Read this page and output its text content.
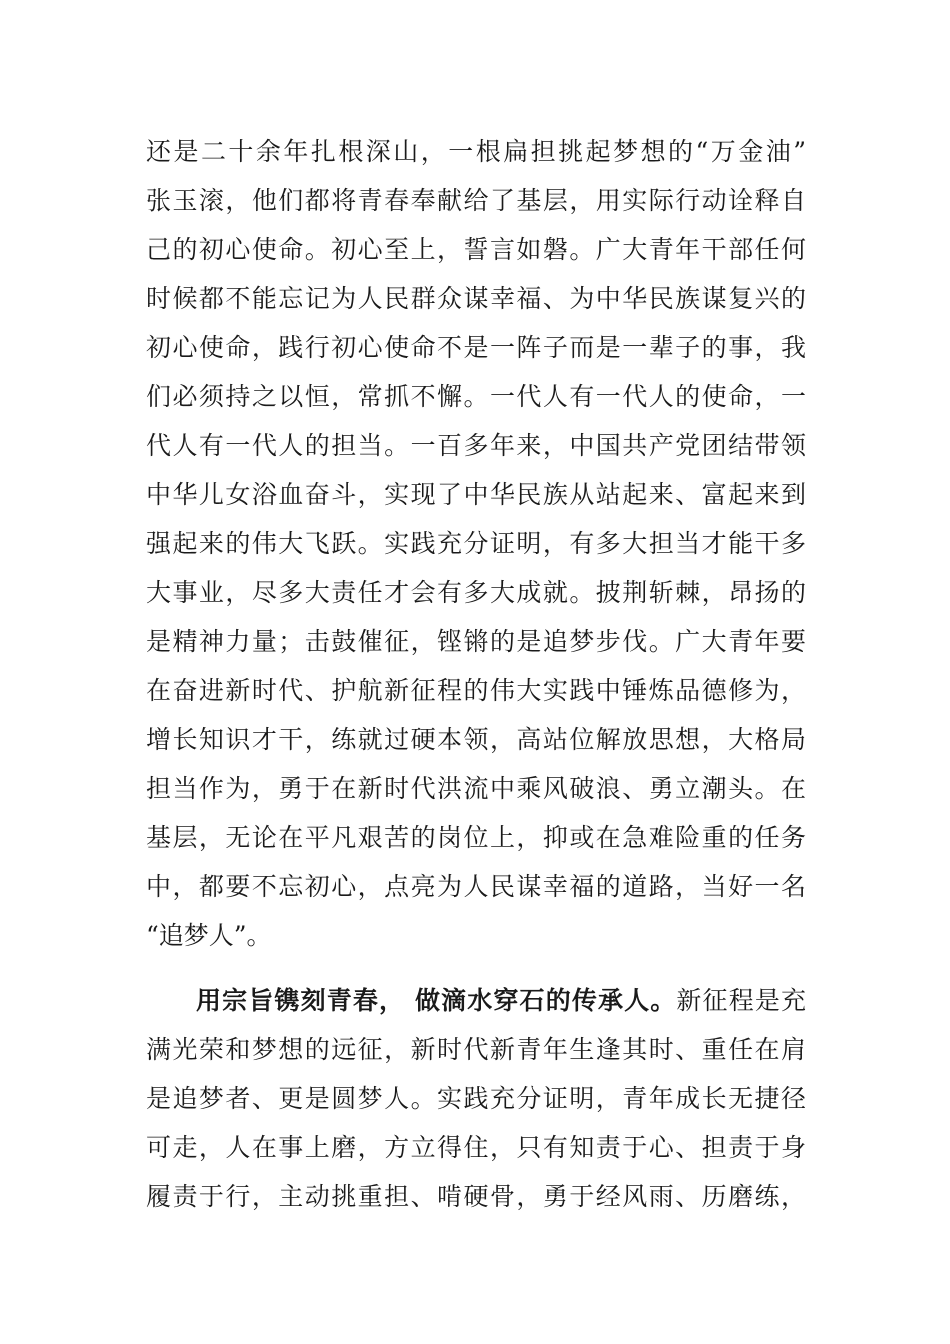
还是二十余年扎根深山，一根扁担挑起梦想的“万金油”
张玉滚，他们都将青春奉献给了基层，用实际行动诠释自
己的初心使命。初心至上，誓言如磐。广大青年干部任何
时候都不能忘记为人民群众谋幸福、为中华民族谋复兴的
初心使命，践行初心使命不是一阵子而是一辈子的事，我
们必须持之以恒，常抓不懈。一代人有一代人的使命，一
代人有一代人的担当。一百多年来，中国共产党团结带领
中华儿女浴血奋斗，实现了中华民族从站起来、富起来到
强起来的伟大飞跃。实践充分证明，有多大担当才能干多
大事业，尽多大责任才会有多大成就。披荆斩棘，昂扬的
是精神力量；击鼓催征，铿锵的是追梦步伐。广大青年要
在奋进新时代、护航新征程的伟大实践中锤炼品德修为，
增长知识才干，练就过硬本领，高站位解放思想，大格局
担当作为，勇于在新时代洪流中乘风破浪、勇立潮头。在
基层，无论在平凡艰苦的岗位上，抑或在急难险重的任务
中，都要不忘初心，点亮为人民谋幸福的道路，当好一名
“追梦人”。
用宗旨镌刻青春， 做滴水穿石的传承人。新征程是充
满光荣和梦想的远征，新时代新青年生逢其时、重任在肩
是追梦者、更是圆梦人。实践充分证明，青年成长无捷径
可走，人在事上磨，方立得住，只有知责于心、担责于身
履责于行，主动挑重担、啃硬骨，勇于经风雨、历磨练，
